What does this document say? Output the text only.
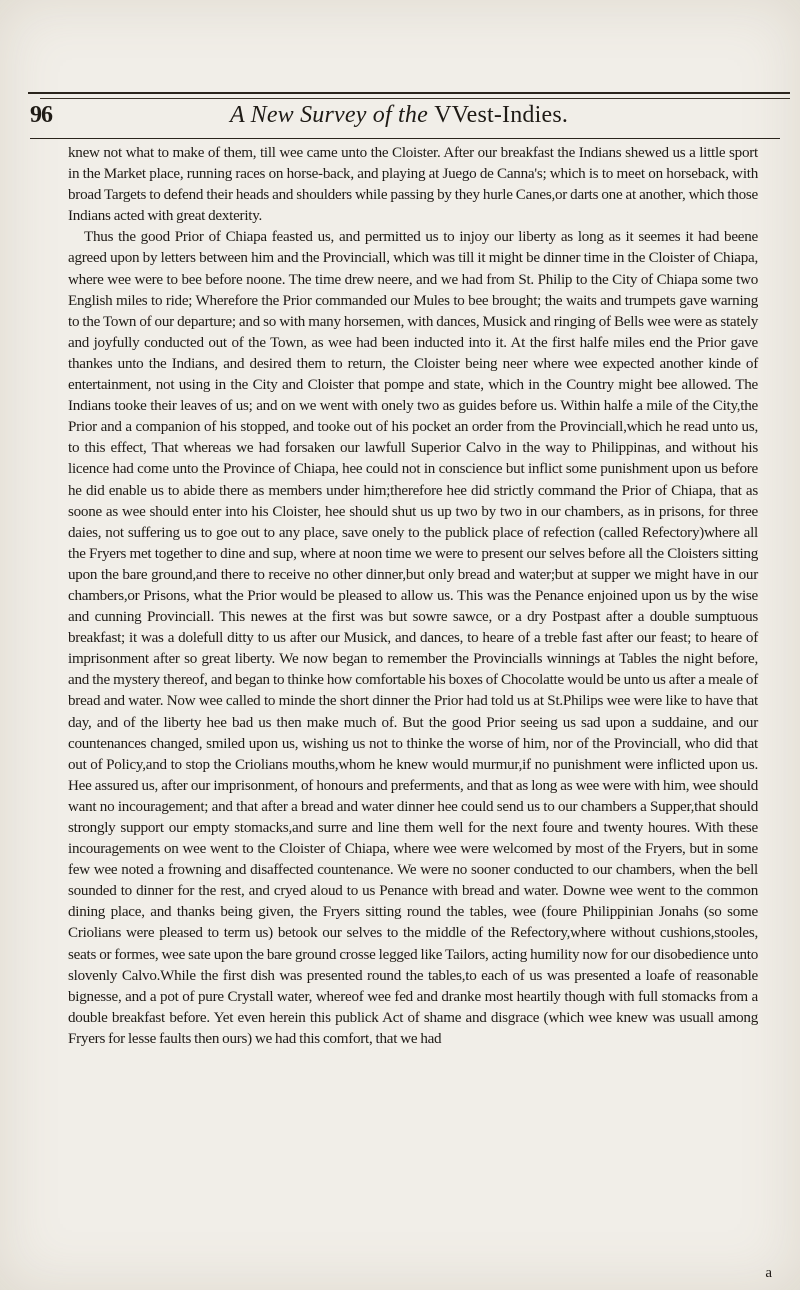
96	A New Survey of the VVest-Indies.

knew not what to make of them, till wee came unto the Cloister. After our breakfast the Indians shewed us a little sport in the Market place, running races on horse-back, and playing at Juego de Canna's; which is to meet on horseback, with broad Targets to defend their heads and shoulders while passing by they hurle Canes,or darts one at another, which those Indians acted with great dexterity.

Thus the good Prior of Chiapa feasted us, and permitted us to injoy our liberty as long as it seemes it had beene agreed upon by letters between him and the Provinciall, which was till it might be dinner time in the Cloister of Chiapa, where wee were to bee before noone. The time drew neere, and we had from St. Philip to the City of Chiapa some two English miles to ride; Wherefore the Prior commanded our Mules to bee brought; the waits and trumpets gave warning to the Town of our departure; and so with many horsemen, with dances, Musick and ringing of Bells wee were as stately and joyfully conducted out of the Town, as wee had been inducted into it. At the first halfe miles end the Prior gave thankes unto the Indians, and desired them to return, the Cloister being neer where wee expected another kinde of entertainment, not using in the City and Cloister that pompe and state, which in the Country might bee allowed. The Indians tooke their leaves of us; and on we went with onely two as guides before us. Within halfe a mile of the City,the Prior and a companion of his stopped, and tooke out of his pocket an order from the Provinciall,which he read unto us, to this effect, That whereas we had forsaken our lawfull Superior Calvo in the way to Philippinas, and without his licence had come unto the Province of Chiapa, hee could not in conscience but inflict some punishment upon us before he did enable us to abide there as members under him;therefore hee did strictly command the Prior of Chiapa, that as soone as wee should enter into his Cloister, hee should shut us up two by two in our chambers, as in prisons, for three daies, not suffering us to goe out to any place, save onely to the publick place of refection (called Refectory)where all the Fryers met together to dine and sup, where at noon time we were to present our selves before all the Cloisters sitting upon the bare ground,and there to receive no other dinner,but only bread and water;but at supper we might have in our chambers,or Prisons, what the Prior would be pleased to allow us. This was the Penance enjoined upon us by the wise and cunning Provinciall. This newes at the first was but sowre sawce, or a dry Postpast after a double sumptuous breakfast; it was a dolefull ditty to us after our Musick, and dances, to heare of a treble fast after our feast; to heare of imprisonment after so great liberty. We now began to remember the Provincialls winnings at Tables the night before, and the mystery thereof, and began to thinke how comfortable his boxes of Chocolatte would be unto us after a meale of bread and water. Now wee called to minde the short dinner the Prior had told us at St.Philips wee were like to have that day, and of the liberty hee bad us then make much of. But the good Prior seeing us sad upon a suddaine, and our countenances changed, smiled upon us, wishing us not to thinke the worse of him, nor of the Provinciall, who did that out of Policy,and to stop the Criolians mouths,whom he knew would murmur,if no punishment were inflicted upon us. Hee assured us, after our imprisonment, of honours and preferments, and that as long as wee were with him, wee should want no incouragement; and that after a bread and water dinner hee could send us to our chambers a Supper,that should strongly support our empty stomacks,and surre and line them well for the next foure and twenty houres. With these incouragements on wee went to the Cloister of Chiapa, where wee were welcomed by most of the Fryers, but in some few wee noted a frowning and disaffected countenance. We were no sooner conducted to our chambers, when the bell sounded to dinner for the rest, and cryed aloud to us Penance with bread and water. Downe wee went to the common dining place, and thanks being given, the Fryers sitting round the tables, wee (foure Philippinian Jonahs (so some Criolians were pleased to term us) betook our selves to the middle of the Refectory,where without cushions,stooles, seats or formes, wee sate upon the bare ground crosse legged like Tailors, acting humility now for our disobedience unto slovenly Calvo.While the first dish was presented round the tables,to each of us was presented a loafe of reasonable bignesse, and a pot of pure Crystall water, whereof wee fed and dranke most heartily though with full stomacks from a double breakfast before. Yet even herein this publick Act of shame and disgrace (which wee knew was usuall among Fryers for lesse faults then ours) we had this comfort, that we had

a
